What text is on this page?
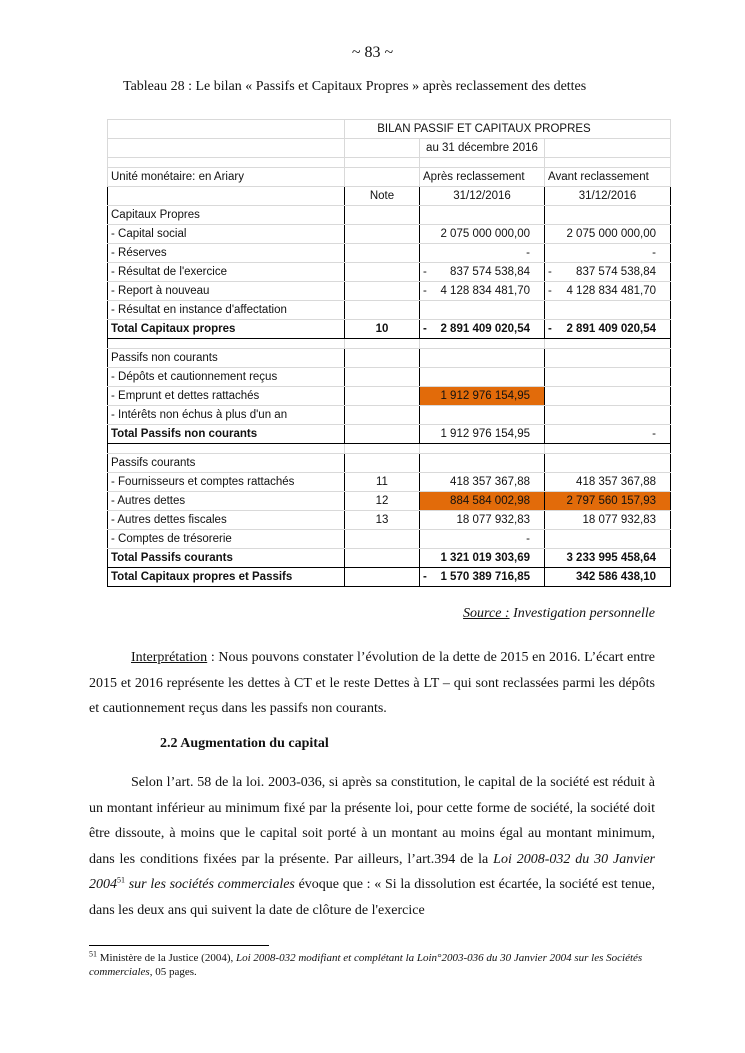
~ 83 ~
Tableau 28 : Le bilan « Passifs et Capitaux Propres » après reclassement des dettes
	BILAN PASSIF ET CAPITAUX PROPRES		
		au 31 décembre 2016	

Unité monétaire: en Ariary		Après reclassement	Avant reclassement
	Note	31/12/2016	31/12/2016
Capitaux Propres			
- Capital social		2 075 000 000,00	2 075 000 000,00
- Réserves		-	-
- Résultat de l'exercice		- 837 574 538,84	- 837 574 538,84
- Report à nouveau		- 4 128 834 481,70	- 4 128 834 481,70
- Résultat en instance d'affectation			
Total Capitaux propres	10	- 2 891 409 020,54	- 2 891 409 020,54

Passifs non courants			
- Dépôts et cautionnement reçus			
- Emprunt et dettes rattachés		1 912 976 154,95	
- Intérêts non échus à plus d'un an			
Total Passifs non courants		1 912 976 154,95	-

Passifs courants			
- Fournisseurs et comptes rattachés	11	418 357 367,88	418 357 367,88
- Autres dettes	12	884 584 002,98	2 797 560 157,93
- Autres dettes fiscales	13	18 077 932,83	18 077 932,83
- Comptes de trésorerie		-	
Total Passifs courants		1 321 019 303,69	3 233 995 458,64
Total Capitaux propres et Passifs		- 1 570 389 716,85	342 586 438,10
Source : Investigation personnelle
Interprétation : Nous pouvons constater l’évolution de la dette de 2015 en 2016. L’écart entre 2015 et 2016 représente les dettes à CT et le reste Dettes à LT – qui sont reclassées parmi les dépôts et cautionnement reçus dans les passifs non courants.
2.2 Augmentation du capital
Selon l’art. 58 de la loi. 2003-036, si après sa constitution, le capital de la société est réduit à un montant inférieur au minimum fixé par la présente loi, pour cette forme de société, la société doit être dissoute, à moins que le capital soit porté à un montant au moins égal au montant minimum, dans les conditions fixées par la présente. Par ailleurs, l’art.394 de la Loi 2008-032 du 30 Janvier 2004$^{51}$ sur les sociétés commerciales évoque que : « Si la dissolution est écartée, la société est tenue, dans les deux ans qui suivent la date de clôture de l'exercice
$^{51}$ Ministère de la Justice (2004), Loi 2008-032 modifiant et complétant la Loin°2003-036 du 30 Janvier 2004 sur les Sociétés commerciales, 05 pages.
